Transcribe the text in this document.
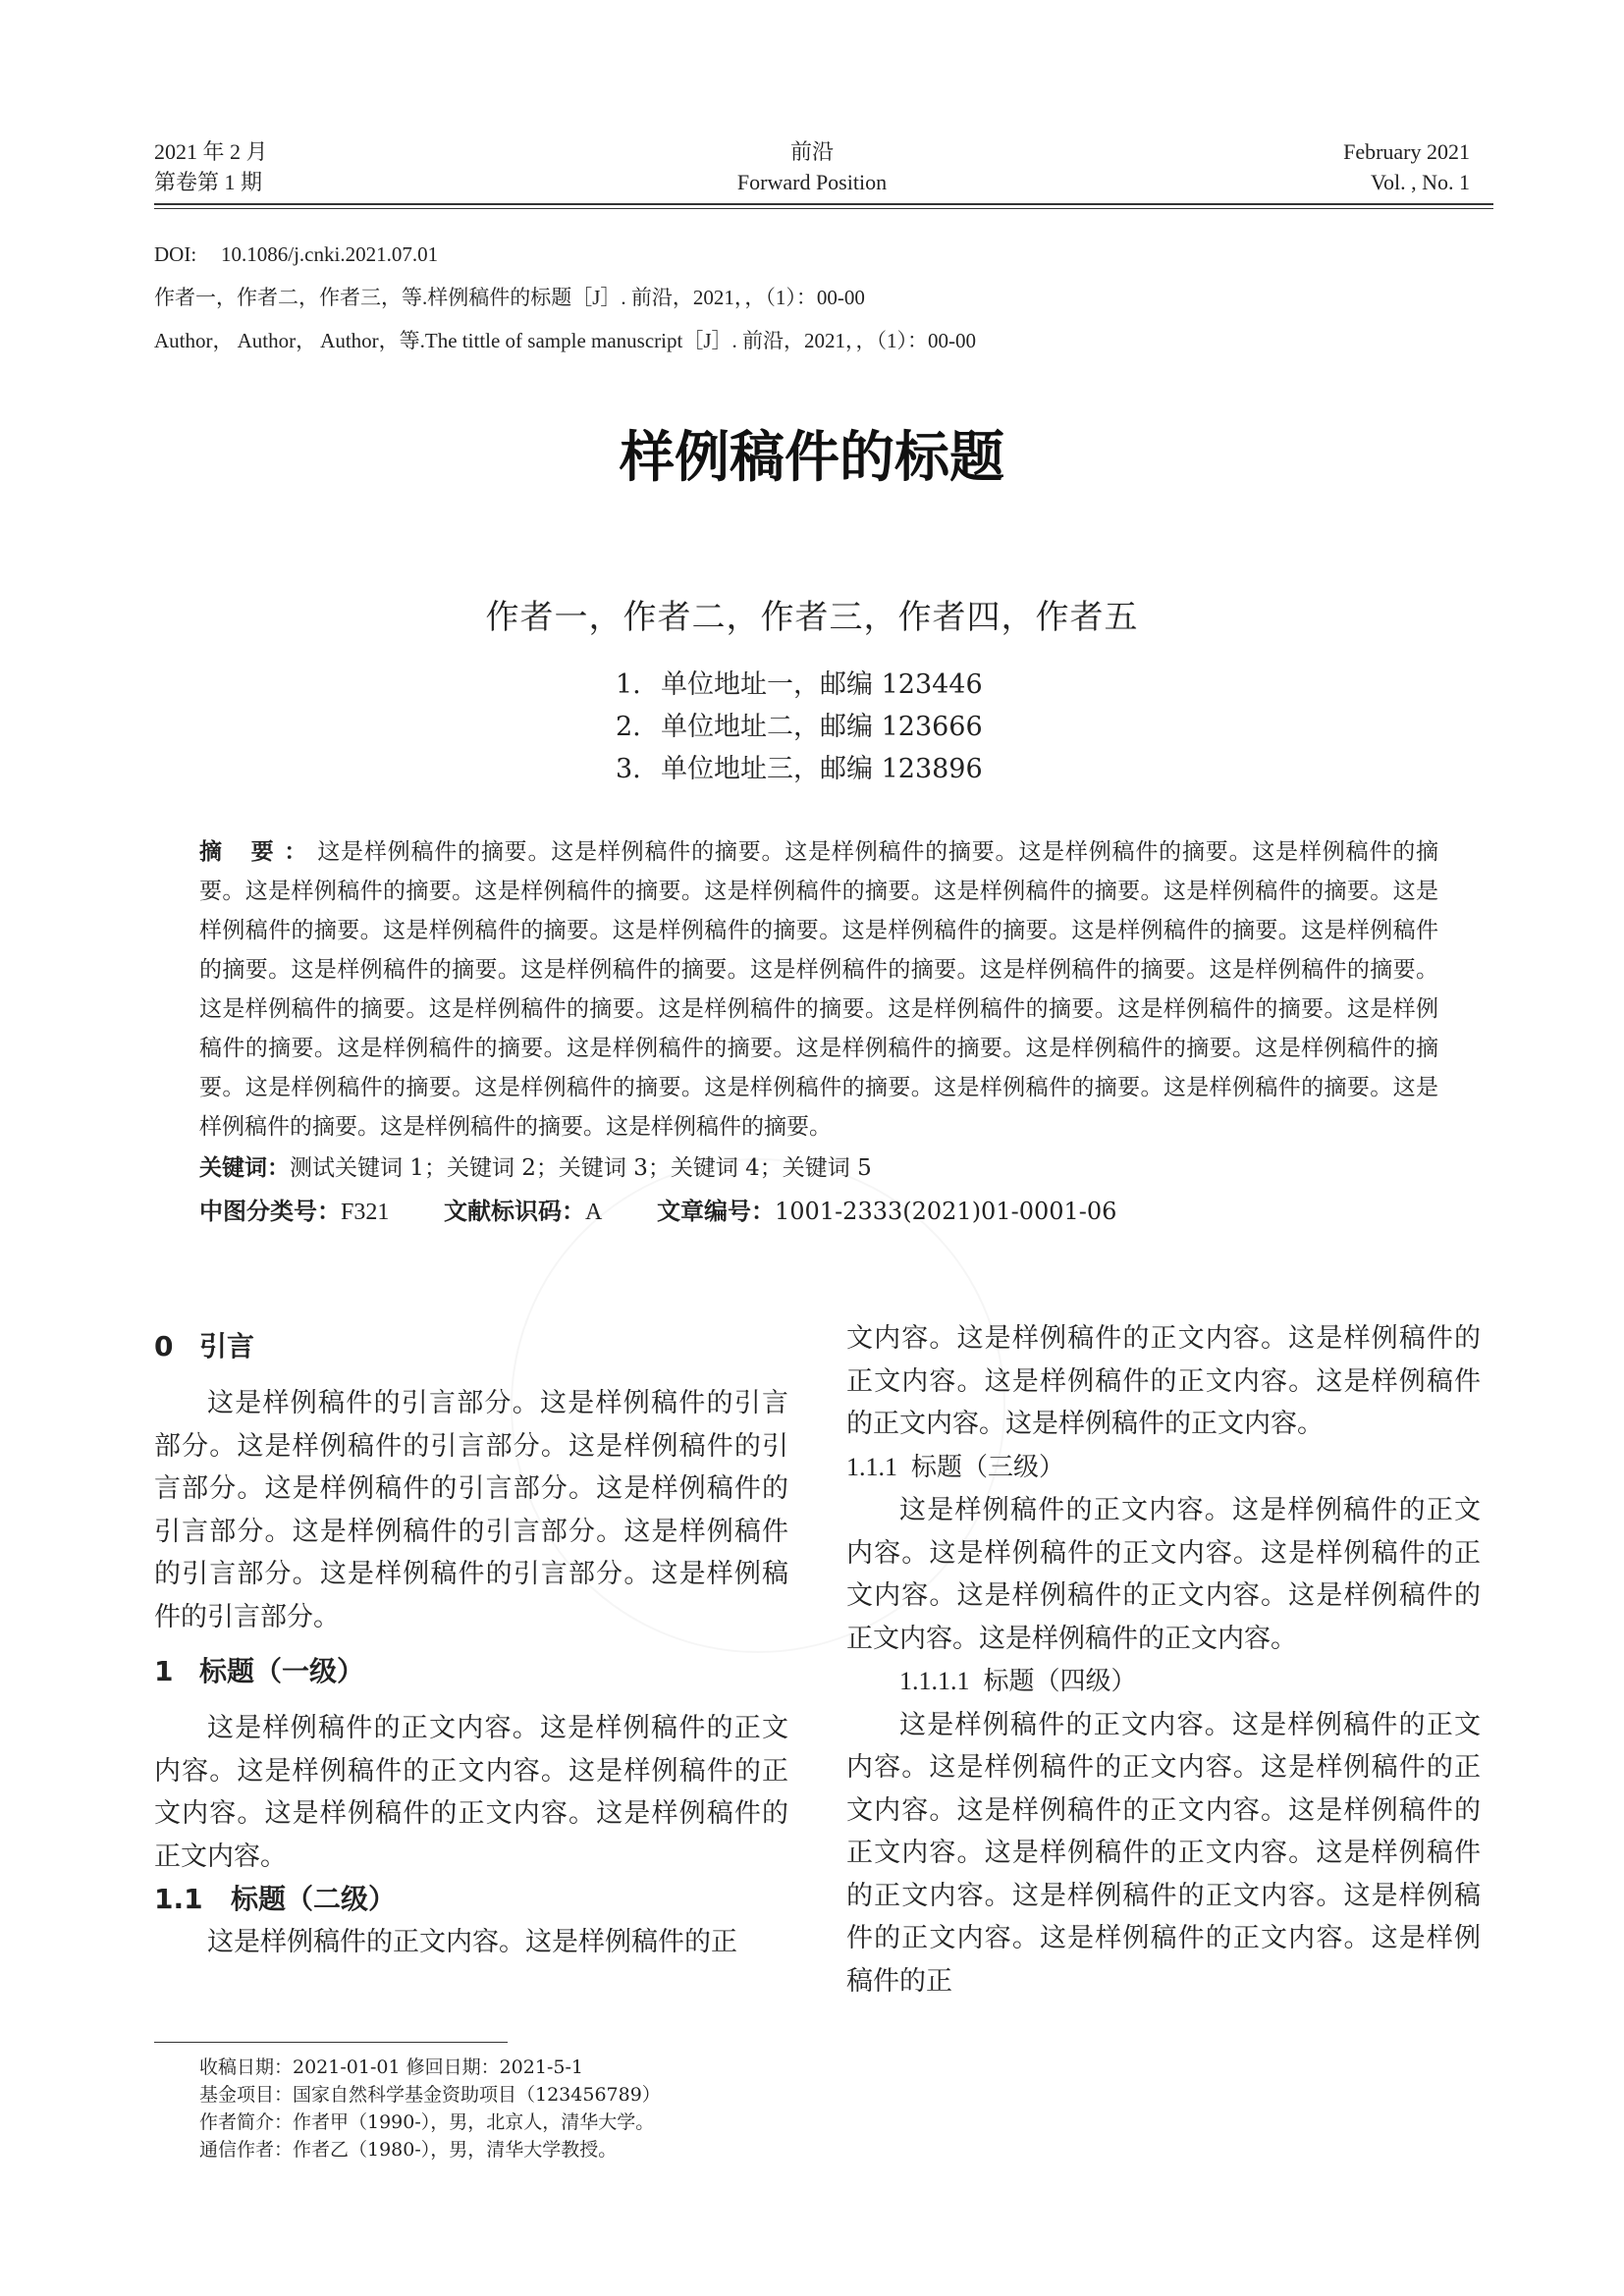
2021 年 2 月
第卷第 1 期
前沿
Forward Position
February 2021
Vol. , No. 1
DOI: 10.1086/j.cnki.2021.07.01
作者一，作者二，作者三，等.样例稿件的标题［J］. 前沿，2021，，（1）：00-00
Author， Author， Author，等.The tittle of sample manuscript［J］. 前沿，2021，，（1）：00-00
样例稿件的标题
作者一，作者二，作者三，作者四，作者五
1. 单位地址一，邮编 123446
2. 单位地址二，邮编 123666
3. 单位地址三，邮编 123896
摘 要：这是样例稿件的摘要。这是样例稿件的摘要。这是样例稿件的摘要。这是样例稿件的摘要。这是样例稿件的摘要。这是样例稿件的摘要。这是样例稿件的摘要。这是样例稿件的摘要。这是样例稿件的摘要。这是样例稿件的摘要。这是样例稿件的摘要。这是样例稿件的摘要。这是样例稿件的摘要。这是样例稿件的摘要。这是样例稿件的摘要。这是样例稿件的摘要。这是样例稿件的摘要。这是样例稿件的摘要。这是样例稿件的摘要。这是样例稿件的摘要。这是样例稿件的摘要。这是样例稿件的摘要。这是样例稿件的摘要。这是样例稿件的摘要。这是样例稿件的摘要。这是样例稿件的摘要。这是样例稿件的摘要。这是样例稿件的摘要。这是样例稿件的摘要。这是样例稿件的摘要。这是样例稿件的摘要。这是样例稿件的摘要。这是样例稿件的摘要。这是样例稿件的摘要。这是样例稿件的摘要。这是样例稿件的摘要。这是样例稿件的摘要。这是样例稿件的摘要。这是样例稿件的摘要。这是样例稿件的摘要。
关键词：测试关键词 1；关键词 2；关键词 3；关键词 4；关键词 5
中图分类号：F321 文献标识码：A 文章编号：1001-2333(2021)01-0001-06
0 引言

这是样例稿件的引言部分。这是样例稿件的引言部分。这是样例稿件的引言部分。这是样例稿件的引言部分。这是样例稿件的引言部分。这是样例稿件的引言部分。这是样例稿件的引言部分。这是样例稿件的引言部分。这是样例稿件的引言部分。这是样例稿件的引言部分。

1 标题（一级）

这是样例稿件的正文内容。这是样例稿件的正文内容。这是样例稿件的正文内容。这是样例稿件的正文内容。这是样例稿件的正文内容。这是样例稿件的正文内容。

1.1 标题（二级）

这是样例稿件的正文内容。这是样例稿件的正

文内容。这是样例稿件的正文内容。这是样例稿件的正文内容。这是样例稿件的正文内容。这是样例稿件的正文内容。这是样例稿件的正文内容。

1.1.1 标题（三级）

这是样例稿件的正文内容。这是样例稿件的正文内容。这是样例稿件的正文内容。这是样例稿件的正文内容。这是样例稿件的正文内容。这是样例稿件的正文内容。这是样例稿件的正文内容。

1.1.1.1 标题（四级）

这是样例稿件的正文内容。这是样例稿件的正文内容。这是样例稿件的正文内容。这是样例稿件的正文内容。这是样例稿件的正文内容。这是样例稿件的正文内容。这是样例稿件的正文内容。这是样例稿件的正文内容。这是样例稿件的正文内容。这是样例稿件的正文内容。这是样例稿件的正文内容。这是样例稿件的正

收稿日期：2021-01-01 修回日期：2021-5-1
基金项目：国家自然科学基金资助项目（123456789）
作者简介：作者甲（1990-），男，北京人，清华大学。
通信作者：作者乙（1980-），男，清华大学教授。
